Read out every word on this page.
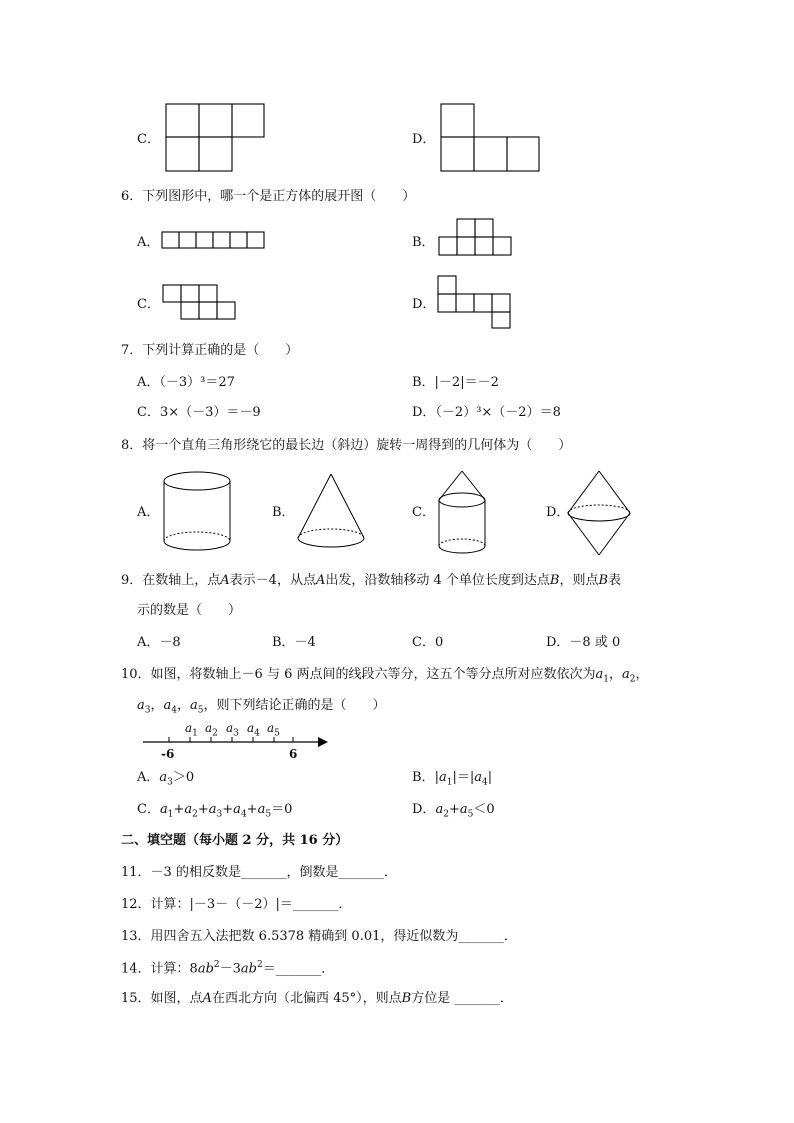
C．	D．
6．下列图形中，哪一个是正方体的展开图（　　）
A．	B．
C．	D．
7．下列计算正确的是（　　）
A．（－3）³＝27	B．|－2|＝－2
C．3×（－3）＝－9	D．（－2）³×（－2）＝8
8．将一个直角三角形绕它的最长边（斜边）旋转一周得到的几何体为（　　）
A．	B．	C．	D．
9．在数轴上，点A表示－4，从点A出发，沿数轴移动 4 个单位长度到达点B，则点B表
示的数是（　　）
A．－8	B．－4	C．0	D．－8 或 0
10．如图，将数轴上－6 与 6 两点间的线段六等分，这五个等分点所对应数依次为$a_1$，$a_2$，
$a_3$，$a_4$，$a_5$，则下列结论正确的是（　　）
$a_1$ $a_2$ $a_3$ $a_4$ $a_5$
-6	6
A．$a_3>0$	B．$|a_1|=|a_4|$
C．$a_1+a_2+a_3+a_4+a_5=0$	D．$a_2+a_5<0$
二、填空题（每小题 2 分，共 16 分）
11．－3 的相反数是_______，倒数是_______．
12．计算：|－3－（－2）|＝_______．
13．用四舍五入法把数 6.5378 精确到 0.01，得近似数为_______．
14．计算：$8ab^2-3ab^2=\_\_\_\_\_\_\_$．
15．如图，点A在西北方向（北偏西 45°），则点B方位是 _______．
